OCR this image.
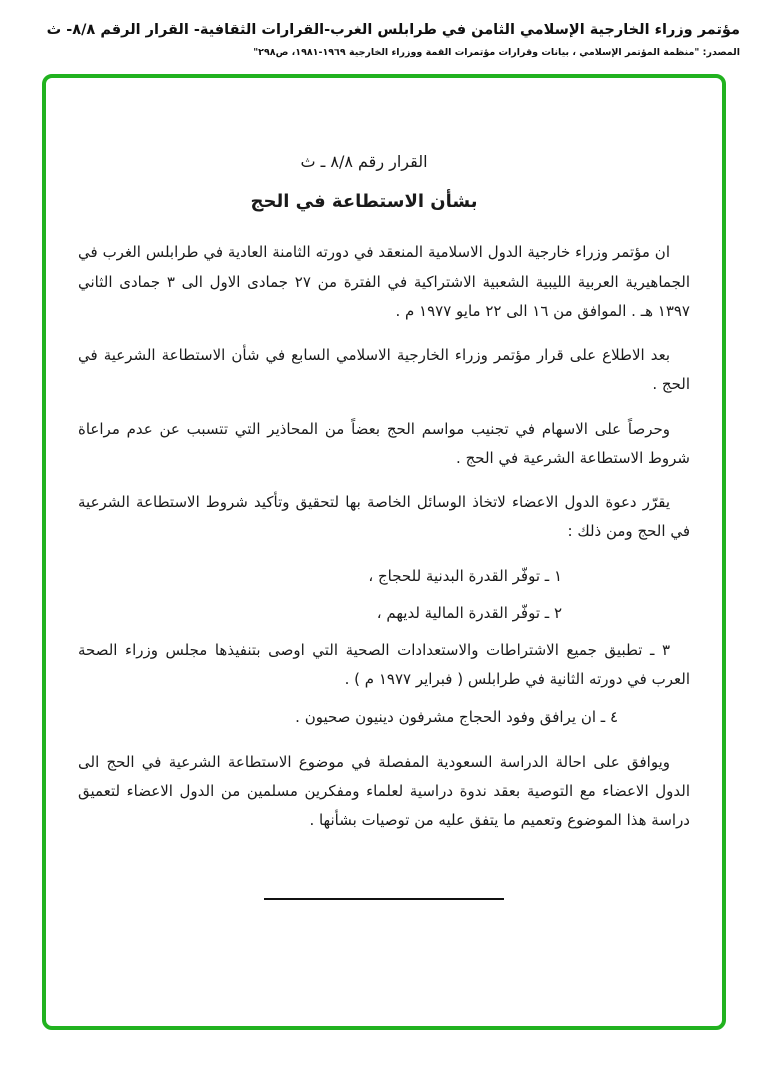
مؤتمر وزراء الخارجية الإسلامي الثامن في طرابلس الغرب-القرارات الثقافية- القرار الرقم ٨/٨- ث
المصدر: "منظمة المؤتمر الإسلامي ، بيانات وقرارات مؤتمرات القمة ووزراء الخارجية ١٩٦٩-١٩٨١، ص٢٩٨"
القرار رقم ٨/٨ ـ ث
بشأن الاستطاعة في الحج

ان مؤتمر وزراء خارجية الدول الاسلامية المنعقد في دورته الثامنة العادية في طرابلس الغرب في الجماهيرية العربية الليبية الشعبية الاشتراكية في الفترة من ٢٧ جمادى الاول الى ٣ جمادى الثاني ١٣٩٧ هـ . الموافق من ١٦ الى ٢٢ مايو ١٩٧٧ م .

بعد الاطلاع على قرار مؤتمر وزراء الخارجية الاسلامي السابع في شأن الاستطاعة الشرعية في الحج .

وحرصاً على الاسهام في تجنيب مواسم الحج بعضاً من المحاذير التي تتسبب عن عدم مراعاة شروط الاستطاعة الشرعية في الحج .

يقرّر دعوة الدول الاعضاء لاتخاذ الوسائل الخاصة بها لتحقيق وتأكيد شروط الاستطاعة الشرعية في الحج ومن ذلك :

١ ـ توفّر القدرة البدنية للحجاج ،

٢ ـ توفّر القدرة المالية لديهم ،

٣ ـ تطبيق جميع الاشتراطات والاستعدادات الصحية التي اوصى بتنفيذها مجلس وزراء الصحة العرب في دورته الثانية في طرابلس ( فبراير ١٩٧٧ م ) .

٤ ـ ان يرافق وفود الحجاج مشرفون دينيون صحيون .

ويوافق على احالة الدراسة السعودية المفصلة في موضوع الاستطاعة الشرعية في الحج الى الدول الاعضاء مع التوصية بعقد ندوة دراسية لعلماء ومفكرين مسلمين من الدول الاعضاء لتعميق دراسة هذا الموضوع وتعميم ما يتفق عليه من توصيات بشأنها .
